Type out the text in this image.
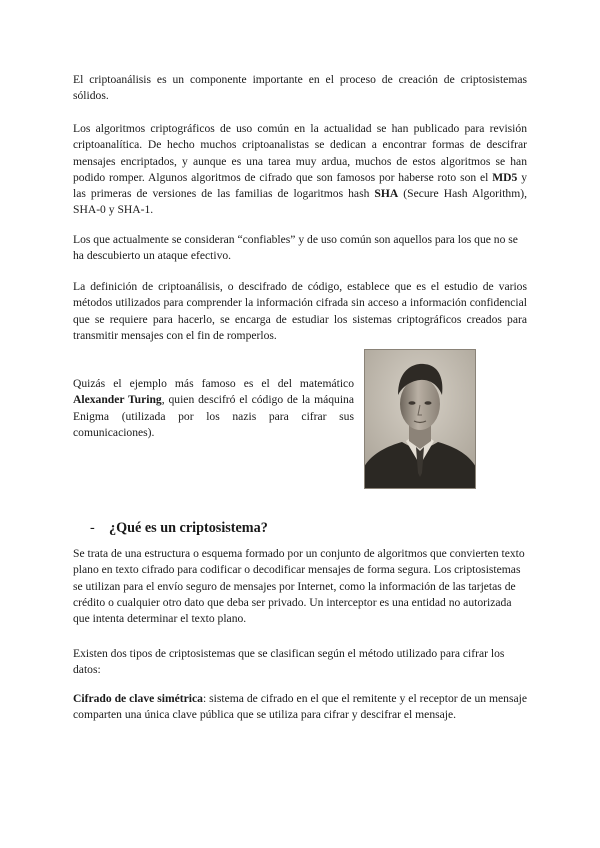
El criptoanálisis es un componente importante en el proceso de creación de criptosistemas sólidos.

Los algoritmos criptográficos de uso común en la actualidad se han publicado para revisión criptoanalítica. De hecho muchos criptoanalistas se dedican a encontrar formas de descifrar mensajes encriptados, y aunque es una tarea muy ardua, muchos de estos algoritmos se han podido romper. Algunos algoritmos de cifrado que son famosos por haberse roto son el MD5 y las primeras de versiones de las familias de logaritmos hash SHA (Secure Hash Algorithm), SHA-0 y SHA-1.

Los que actualmente se consideran “confiables” y de uso común son aquellos para los que no se ha descubierto un ataque efectivo.

La definición de criptoanálisis, o descifrado de código, establece que es el estudio de varios métodos utilizados para comprender la información cifrada sin acceso a información confidencial que se requiere para hacerlo, se encarga de estudiar los sistemas criptográficos creados para transmitir mensajes con el fin de romperlos.

Quizás el ejemplo más famoso es el del matemático Alexander Turing, quien descifró el código de la máquina Enigma (utilizada por los nazis para cifrar sus comunicaciones).

- ¿Qué es un criptosistema?

Se trata de una estructura o esquema formado por un conjunto de algoritmos que convierten texto plano en texto cifrado para codificar o decodificar mensajes de forma segura. Los criptosistemas se utilizan para el envío seguro de mensajes por Internet, como la información de las tarjetas de crédito o cualquier otro dato que deba ser privado. Un interceptor es una entidad no autorizada que intenta determinar el texto plano.

Existen dos tipos de criptosistemas que se clasifican según el método utilizado para cifrar los datos:

Cifrado de clave simétrica: sistema de cifrado en el que el remitente y el receptor de un mensaje comparten una única clave pública que se utiliza para cifrar y descifrar el mensaje.
